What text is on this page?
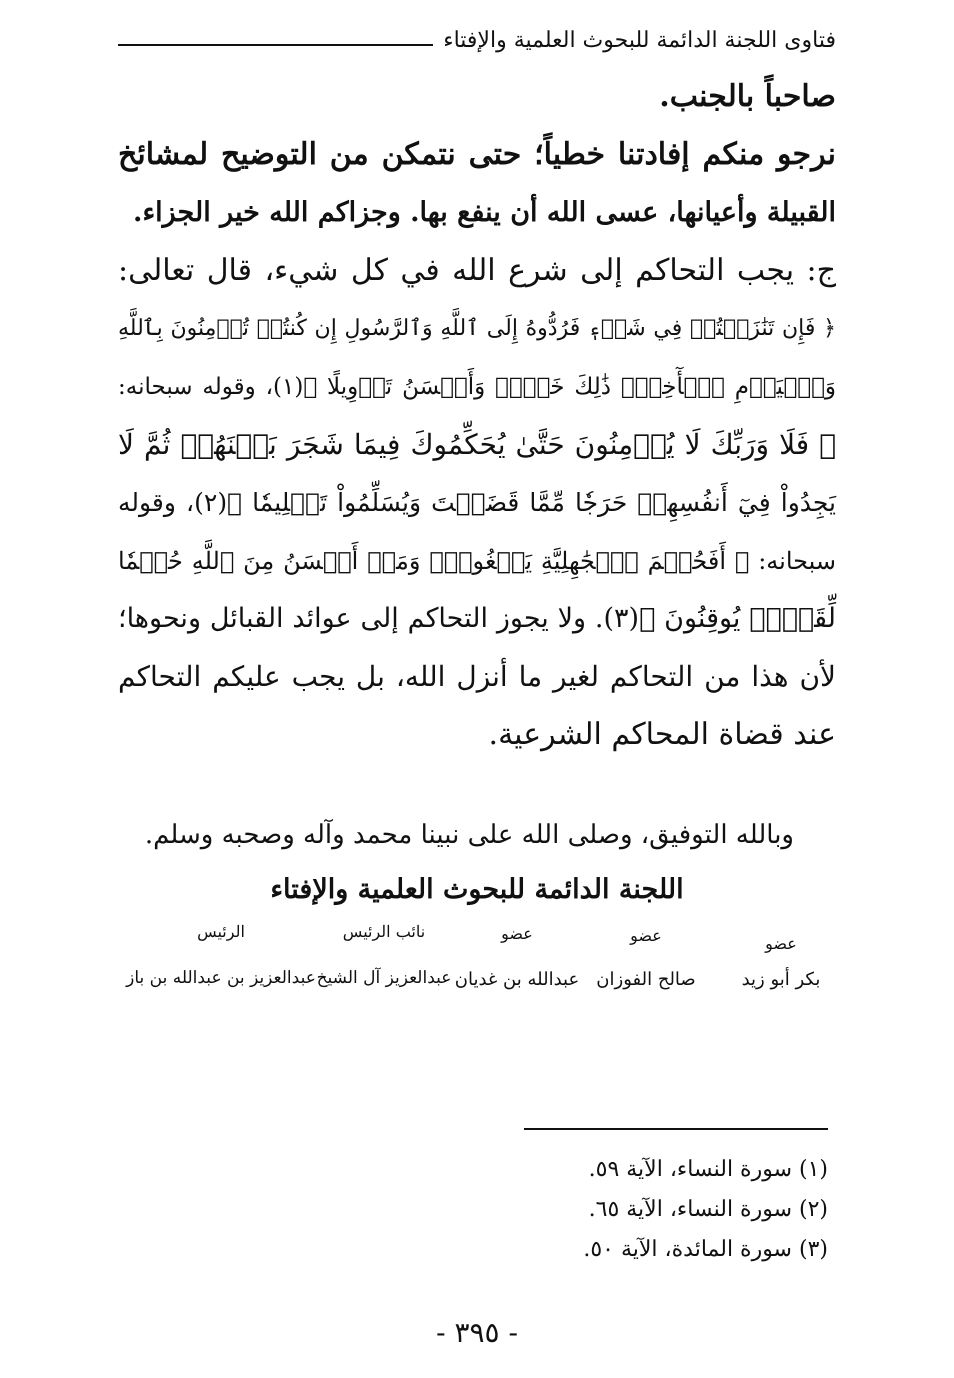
فتاوى اللجنة الدائمة للبحوث العلمية والإفتاء
صاحباً بالجنب.
نرجو منكم إفادتنا خطياً؛ حتى نتمكن من التوضيح لمشائخ
القبيلة وأعيانها، عسى الله أن ينفع بها. وجزاكم الله خير الجزاء.
ج: يجب التحاكم إلى شرع الله في كل شيء، قال تعالى:
﴿ فَإِن تَنَٰزَعۡتُمۡ فِي شَيۡءٖ فَرُدُّوهُ إِلَى ٱللَّهِ وَٱلرَّسُولِ إِن كُنتُمۡ تُؤۡمِنُونَ بِٱللَّهِ
وَٱلۡيَوۡمِ ٱلۡأٓخِرِۚ ذَٰلِكَ خَيۡرٞ وَأَحۡسَنُ تَأۡوِيلًا ﴾(١)، وقوله سبحانه:
﴿ فَلَا وَرَبِّكَ لَا يُؤۡمِنُونَ حَتَّىٰ يُحَكِّمُوكَ فِيمَا شَجَرَ بَيۡنَهُمۡ ثُمَّ لَا
يَجِدُواْ فِيٓ أَنفُسِهِمۡ حَرَجٗا مِّمَّا قَضَيۡتَ وَيُسَلِّمُواْ تَسۡلِيمٗا ﴾(٢)، وقوله
سبحانه: ﴿ أَفَحُكۡمَ ٱلۡجَٰهِلِيَّةِ يَبۡغُونَۚ وَمَنۡ أَحۡسَنُ مِنَ ٱللَّهِ حُكۡمٗا
لِّقَوۡمٖ يُوقِنُونَ ﴾(٣). ولا يجوز التحاكم إلى عوائد القبائل ونحوها؛
لأن هذا من التحاكم لغير ما أنزل الله، بل يجب عليكم التحاكم
عند قضاة المحاكم الشرعية.
وبالله التوفيق، وصلى الله على نبينا محمد وآله وصحبه وسلم.
اللجنة الدائمة للبحوث العلمية والإفتاء
عضو
بكر أبو زيد
عضو
صالح الفوزان
عضو
عبدالله بن غديان
نائب الرئيس
عبدالعزيز آل الشيخ
الرئيس
عبدالعزيز بن عبدالله بن باز
(١) سورة النساء، الآية ٥٩.
(٢) سورة النساء، الآية ٦٥.
(٣) سورة المائدة، الآية ٥٠.
- ٣٩٥ -
